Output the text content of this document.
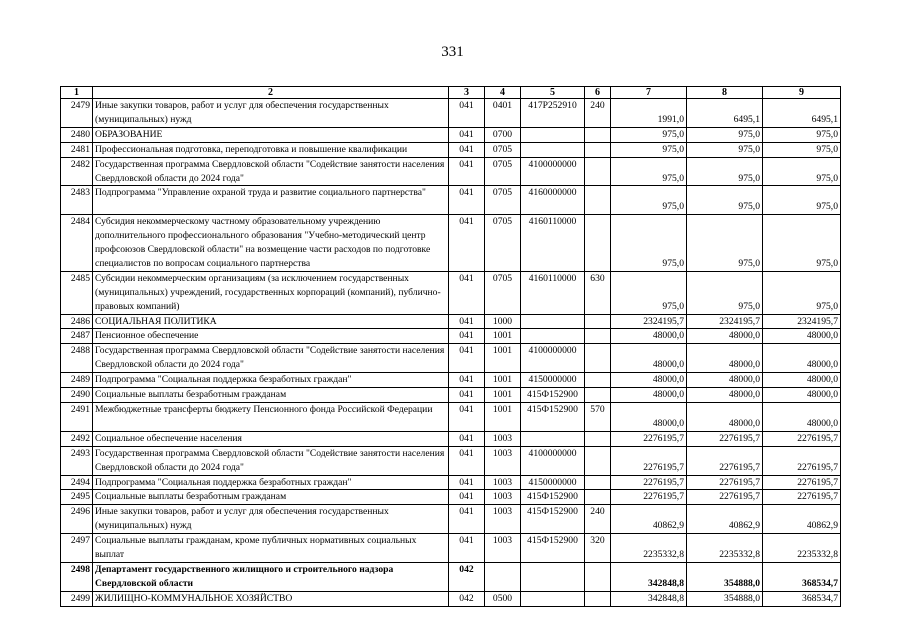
331
1	2	3	4	5	6	7	8	9
2479	Иные закупки товаров, работ и услуг для обеспечения государственных (муниципальных) нужд	041	0401	417P252910	240	1991,0	6495,1	6495,1
2480	ОБРАЗОВАНИЕ	041	0700			975,0	975,0	975,0
2481	Профессиональная подготовка, переподготовка и повышение квалификации	041	0705			975,0	975,0	975,0
2482	Государственная программа Свердловской области "Содействие занятости населения Свердловской области до 2024 года"	041	0705	4100000000		975,0	975,0	975,0
2483	Подпрограмма "Управление охраной труда и развитие социального партнерства"	041	0705	4160000000		975,0	975,0	975,0
2484	Субсидия некоммерческому частному образовательному учреждению дополнительного профессионального образования "Учебно-методический центр профсоюзов Свердловской области" на возмещение части расходов по подготовке специалистов по вопросам социального партнерства	041	0705	4160110000		975,0	975,0	975,0
2485	Субсидии некоммерческим организациям (за исключением государственных (муниципальных) учреждений, государственных корпораций (компаний), публично-правовых компаний)	041	0705	4160110000	630	975,0	975,0	975,0
2486	СОЦИАЛЬНАЯ ПОЛИТИКА	041	1000			2324195,7	2324195,7	2324195,7
2487	Пенсионное обеспечение	041	1001			48000,0	48000,0	48000,0
2488	Государственная программа Свердловской области "Содействие занятости населения Свердловской области до 2024 года"	041	1001	4100000000		48000,0	48000,0	48000,0
2489	Подпрограмма "Социальная поддержка безработных граждан"	041	1001	4150000000		48000,0	48000,0	48000,0
2490	Социальные выплаты безработным гражданам	041	1001	415Ф152900		48000,0	48000,0	48000,0
2491	Межбюджетные трансферты бюджету Пенсионного фонда Российской Федерации	041	1001	415Ф152900	570	48000,0	48000,0	48000,0
2492	Социальное обеспечение населения	041	1003			2276195,7	2276195,7	2276195,7
2493	Государственная программа Свердловской области "Содействие занятости населения Свердловской области до 2024 года"	041	1003	4100000000		2276195,7	2276195,7	2276195,7
2494	Подпрограмма "Социальная поддержка безработных граждан"	041	1003	4150000000		2276195,7	2276195,7	2276195,7
2495	Социальные выплаты безработным гражданам	041	1003	415Ф152900		2276195,7	2276195,7	2276195,7
2496	Иные закупки товаров, работ и услуг для обеспечения государственных (муниципальных) нужд	041	1003	415Ф152900	240	40862,9	40862,9	40862,9
2497	Социальные выплаты гражданам, кроме публичных нормативных социальных выплат	041	1003	415Ф152900	320	2235332,8	2235332,8	2235332,8
2498	Департамент государственного жилищного и строительного надзора Свердловской области	042				342848,8	354888,0	368534,7
2499	ЖИЛИЩНО-КОММУНАЛЬНОЕ ХОЗЯЙСТВО	042	0500			342848,8	354888,0	368534,7
